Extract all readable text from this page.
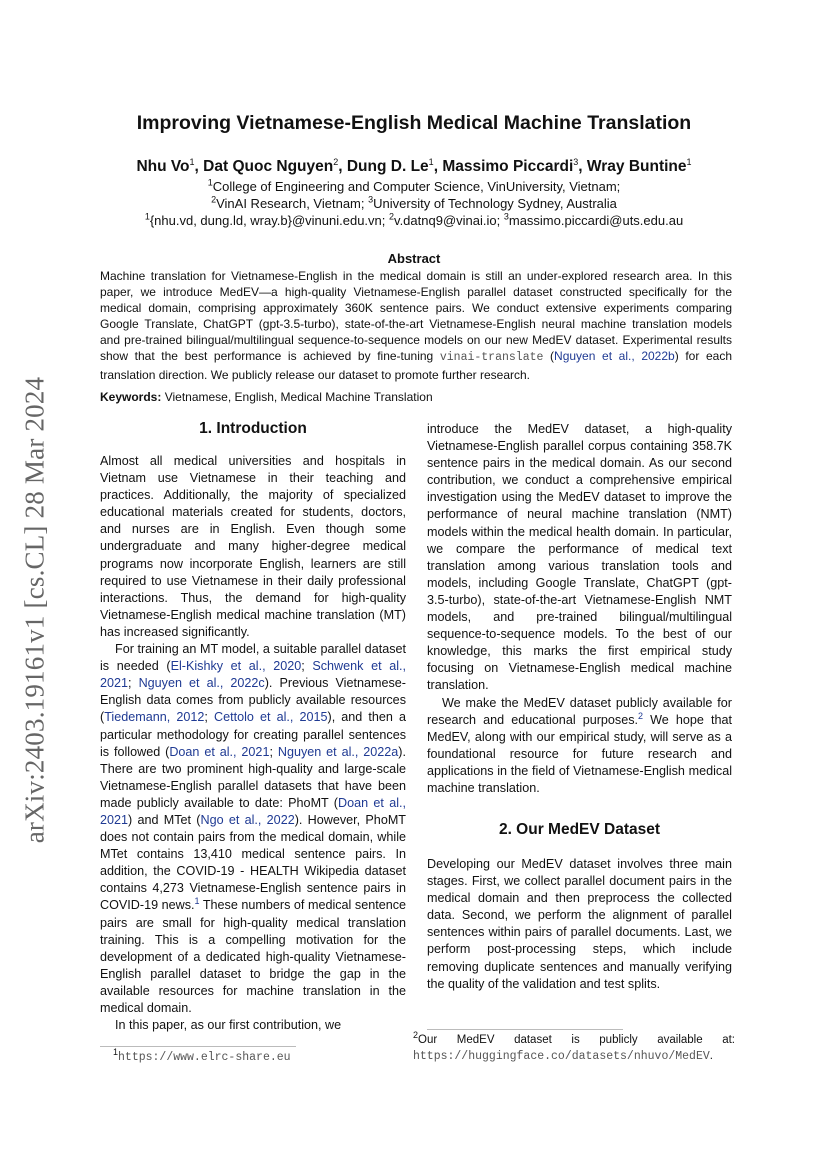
arXiv:2403.19161v1 [cs.CL] 28 Mar 2024
Improving Vietnamese-English Medical Machine Translation
Nhu Vo$^1$, Dat Quoc Nguyen$^2$, Dung D. Le$^1$, Massimo Piccardi$^3$, Wray Buntine$^1$
$^1$College of Engineering and Computer Science, VinUniversity, Vietnam;
$^2$VinAI Research, Vietnam; $^3$University of Technology Sydney, Australia
$^1${nhu.vd, dung.ld, wray.b}@vinuni.edu.vn; $^2$v.datnq9@vinai.io; $^3$massimo.piccardi@uts.edu.au
Abstract
Machine translation for Vietnamese-English in the medical domain is still an under-explored research area. In this paper, we introduce MedEV—a high-quality Vietnamese-English parallel dataset constructed specifically for the medical domain, comprising approximately 360K sentence pairs. We conduct extensive experiments comparing Google Translate, ChatGPT (gpt-3.5-turbo), state-of-the-art Vietnamese-English neural machine translation models and pre-trained bilingual/multilingual sequence-to-sequence models on our new MedEV dataset. Experimental results show that the best performance is achieved by fine-tuning vinai-translate (Nguyen et al., 2022b) for each translation direction. We publicly release our dataset to promote further research.
Keywords: Vietnamese, English, Medical Machine Translation
1. Introduction

Almost all medical universities and hospitals in Vietnam use Vietnamese in their teaching and practices. Additionally, the majority of specialized educational materials created for students, doctors, and nurses are in English. Even though some undergraduate and many higher-degree medical programs now incorporate English, learners are still required to use Vietnamese in their daily professional interactions. Thus, the demand for high-quality Vietnamese-English medical machine translation (MT) has increased significantly.

For training an MT model, a suitable parallel dataset is needed (El-Kishky et al., 2020; Schwenk et al., 2021; Nguyen et al., 2022c). Previous Vietnamese-English data comes from publicly available resources (Tiedemann, 2012; Cettolo et al., 2015), and then a particular methodology for creating parallel sentences is followed (Doan et al., 2021; Nguyen et al., 2022a). There are two prominent high-quality and large-scale Vietnamese-English parallel datasets that have been made publicly available to date: PhoMT (Doan et al., 2021) and MTet (Ngo et al., 2022). However, PhoMT does not contain pairs from the medical domain, while MTet contains 13,410 medical sentence pairs. In addition, the COVID-19 - HEALTH Wikipedia dataset contains 4,273 Vietnamese-English sentence pairs in COVID-19 news.$^1$ These numbers of medical sentence pairs are small for high-quality medical translation training. This is a compelling motivation for the development of a dedicated high-quality Vietnamese-English parallel dataset to bridge the gap in the available resources for machine translation in the medical domain.

In this paper, as our first contribution, we

$^1$https://www.elrc-share.eu

introduce the MedEV dataset, a high-quality Vietnamese-English parallel corpus containing 358.7K sentence pairs in the medical domain. As our second contribution, we conduct a comprehensive empirical investigation using the MedEV dataset to improve the performance of neural machine translation (NMT) models within the medical health domain. In particular, we compare the performance of medical text translation among various translation tools and models, including Google Translate, ChatGPT (gpt-3.5-turbo), state-of-the-art Vietnamese-English NMT models, and pre-trained bilingual/multilingual sequence-to-sequence models. To the best of our knowledge, this marks the first empirical study focusing on Vietnamese-English medical machine translation.

We make the MedEV dataset publicly available for research and educational purposes.$^2$ We hope that MedEV, along with our empirical study, will serve as a foundational resource for future research and applications in the field of Vietnamese-English medical machine translation.

2. Our MedEV Dataset

Developing our MedEV dataset involves three main stages. First, we collect parallel document pairs in the medical domain and then preprocess the collected data. Second, we perform the alignment of parallel sentences within pairs of parallel documents. Last, we perform post-processing steps, which include removing duplicate sentences and manually verifying the quality of the validation and test splits.

$^2$Our MedEV dataset is publicly available at: https://huggingface.co/datasets/nhuvo/MedEV.
